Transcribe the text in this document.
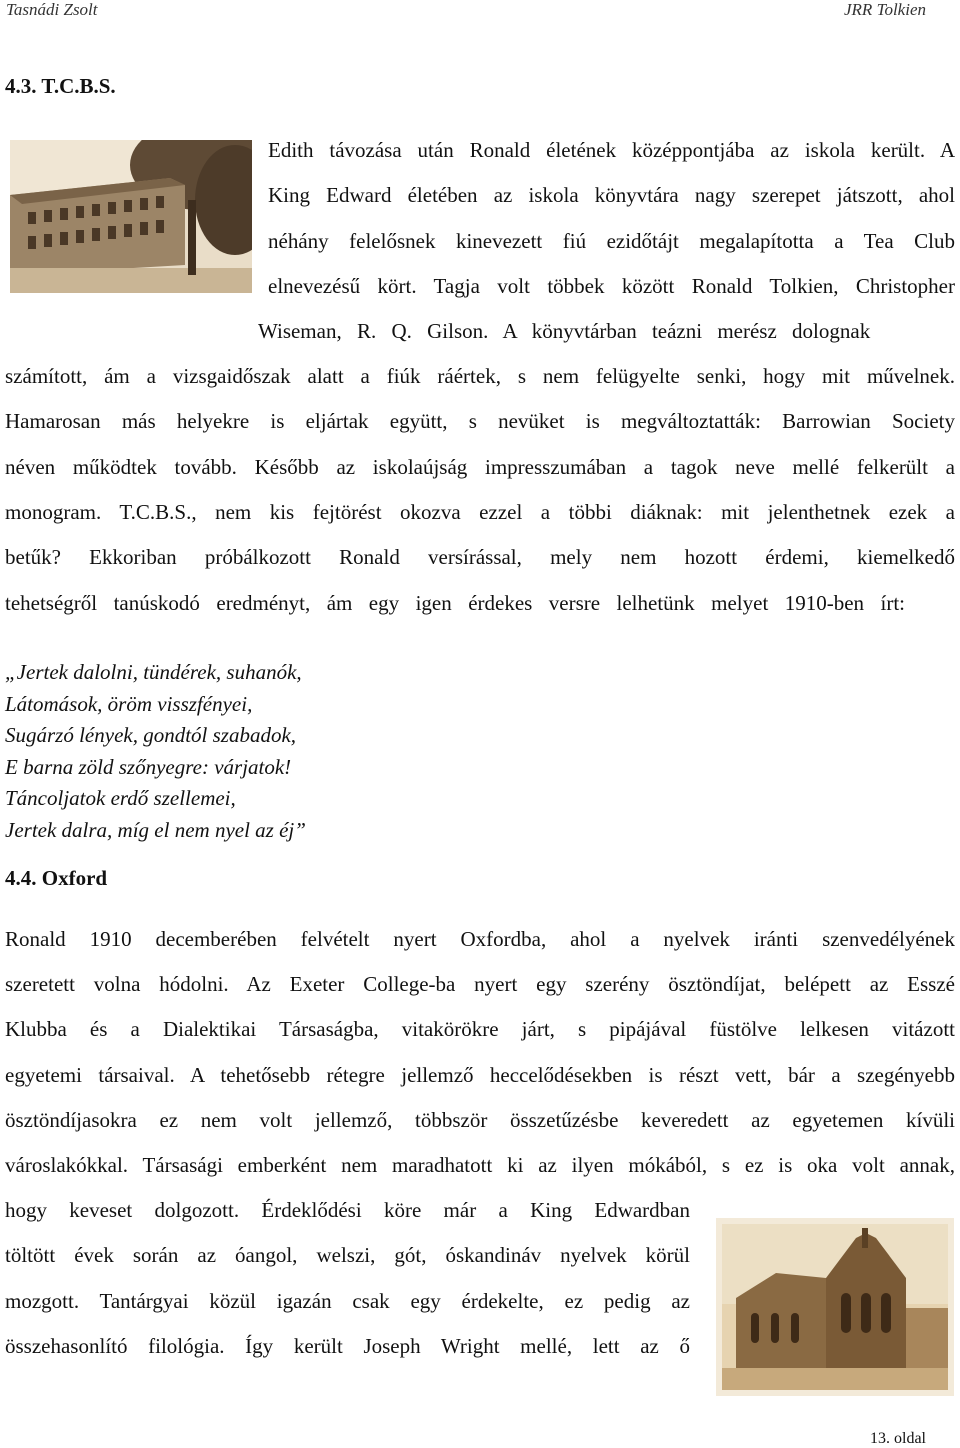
Tasnádi Zsolt	JRR Tolkien
4.3. T.C.B.S.
Edith távozása után Ronald életének középpontjába az iskola került. A
King Edward életében az iskola könyvtára nagy szerepet játszott, ahol
néhány felelősnek kinevezett fiú ezidőtájt megalapította a Tea Club
elnevezésű kört. Tagja volt többek között Ronald Tolkien, Christopher
Wiseman, R. Q. Gilson. A könyvtárban teázni merész dolognak
számított, ám a vizsgaidőszak alatt a fiúk ráértek, s nem felügyelte senki, hogy mit művelnek.
Hamarosan más helyekre is eljártak együtt, s nevüket is megváltoztatták: Barrowian Society
néven működtek tovább. Később az iskolaújság impresszumában a tagok neve mellé felkerült a
monogram. T.C.B.S., nem kis fejtörést okozva ezzel a többi diáknak: mit jelenthetnek ezek a
betűk? Ekkoriban próbálkozott Ronald versírással, mely nem hozott érdemi, kiemelkedő
tehetségről tanúskodó eredményt, ám egy igen érdekes versre lelhetünk melyet 1910-ben írt:
„Jertek dalolni, tündérek, suhanók,
Látomások, öröm visszfényei,
Sugárzó lények, gondtól szabadok,
E barna zöld szőnyegre: várjatok!
Táncoljatok erdő szellemei,
Jertek dalra, míg el nem nyel az éj”
4.4. Oxford
Ronald 1910 decemberében felvételt nyert Oxfordba, ahol a nyelvek iránti szenvedélyének
szeretett volna hódolni. Az Exeter College-ba nyert egy szerény ösztöndíjat, belépett az Esszé
Klubba és a Dialektikai Társaságba, vitakörökre járt, s pipájával füstölve lelkesen vitázott
egyetemi társaival. A tehetősebb rétegre jellemző heccelődésekben is részt vett, bár a szegényebb
ösztöndíjasokra ez nem volt jellemző, többször összetűzésbe keveredett az egyetemen kívüli
városlakókkal. Társasági emberként nem maradhatott ki az ilyen mókából, s ez is oka volt annak,
hogy keveset dolgozott. Érdeklődési köre már a King Edwardban
töltött évek során az óangol, welszi, gót, óskandináv nyelvek körül
mozgott. Tantárgyai közül igazán csak egy érdekelte, ez pedig az
összehasonlító filológia. Így került Joseph Wright mellé, lett az ő
13. oldal
